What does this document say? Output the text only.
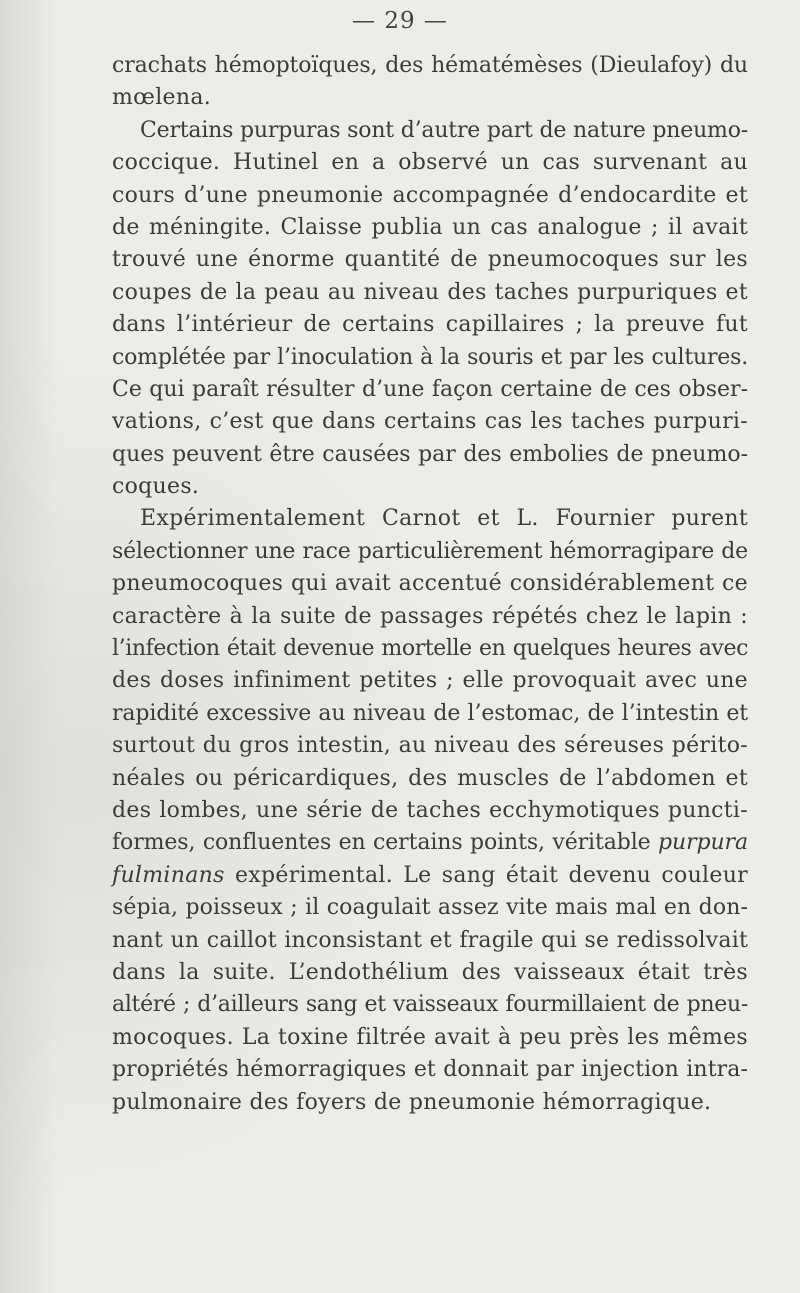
— 29 —
crachats hémoptoïques, des hématémèses (Dieulafoy) du
mœlena.
Certains purpuras sont d’autre part de nature pneumo-
coccique. Hutinel en a observé un cas survenant au
cours d’une pneumonie accompagnée d’endocardite et
de méningite. Claisse publia un cas analogue ; il avait
trouvé une énorme quantité de pneumocoques sur les
coupes de la peau au niveau des taches purpuriques et
dans l’intérieur de certains capillaires ; la preuve fut
complétée par l’inoculation à la souris et par les cultures.
Ce qui paraît résulter d’une façon certaine de ces obser-
vations, c’est que dans certains cas les taches purpuri-
ques peuvent être causées par des embolies de pneumo-
coques.
Expérimentalement Carnot et L. Fournier purent
sélectionner une race particulièrement hémorragipare de
pneumocoques qui avait accentué considérablement ce
caractère à la suite de passages répétés chez le lapin :
l’infection était devenue mortelle en quelques heures avec
des doses infiniment petites ; elle provoquait avec une
rapidité excessive au niveau de l’estomac, de l’intestin et
surtout du gros intestin, au niveau des séreuses périto-
néales ou péricardiques, des muscles de l’abdomen et
des lombes, une série de taches ecchymotiques puncti-
formes, confluentes en certains points, véritable purpura
fulminans expérimental. Le sang était devenu couleur
sépia, poisseux ; il coagulait assez vite mais mal en don-
nant un caillot inconsistant et fragile qui se redissolvait
dans la suite. L’endothélium des vaisseaux était très
altéré ; d’ailleurs sang et vaisseaux fourmillaient de pneu-
mocoques. La toxine filtrée avait à peu près les mêmes
propriétés hémorragiques et donnait par injection intra-
pulmonaire des foyers de pneumonie hémorragique.
